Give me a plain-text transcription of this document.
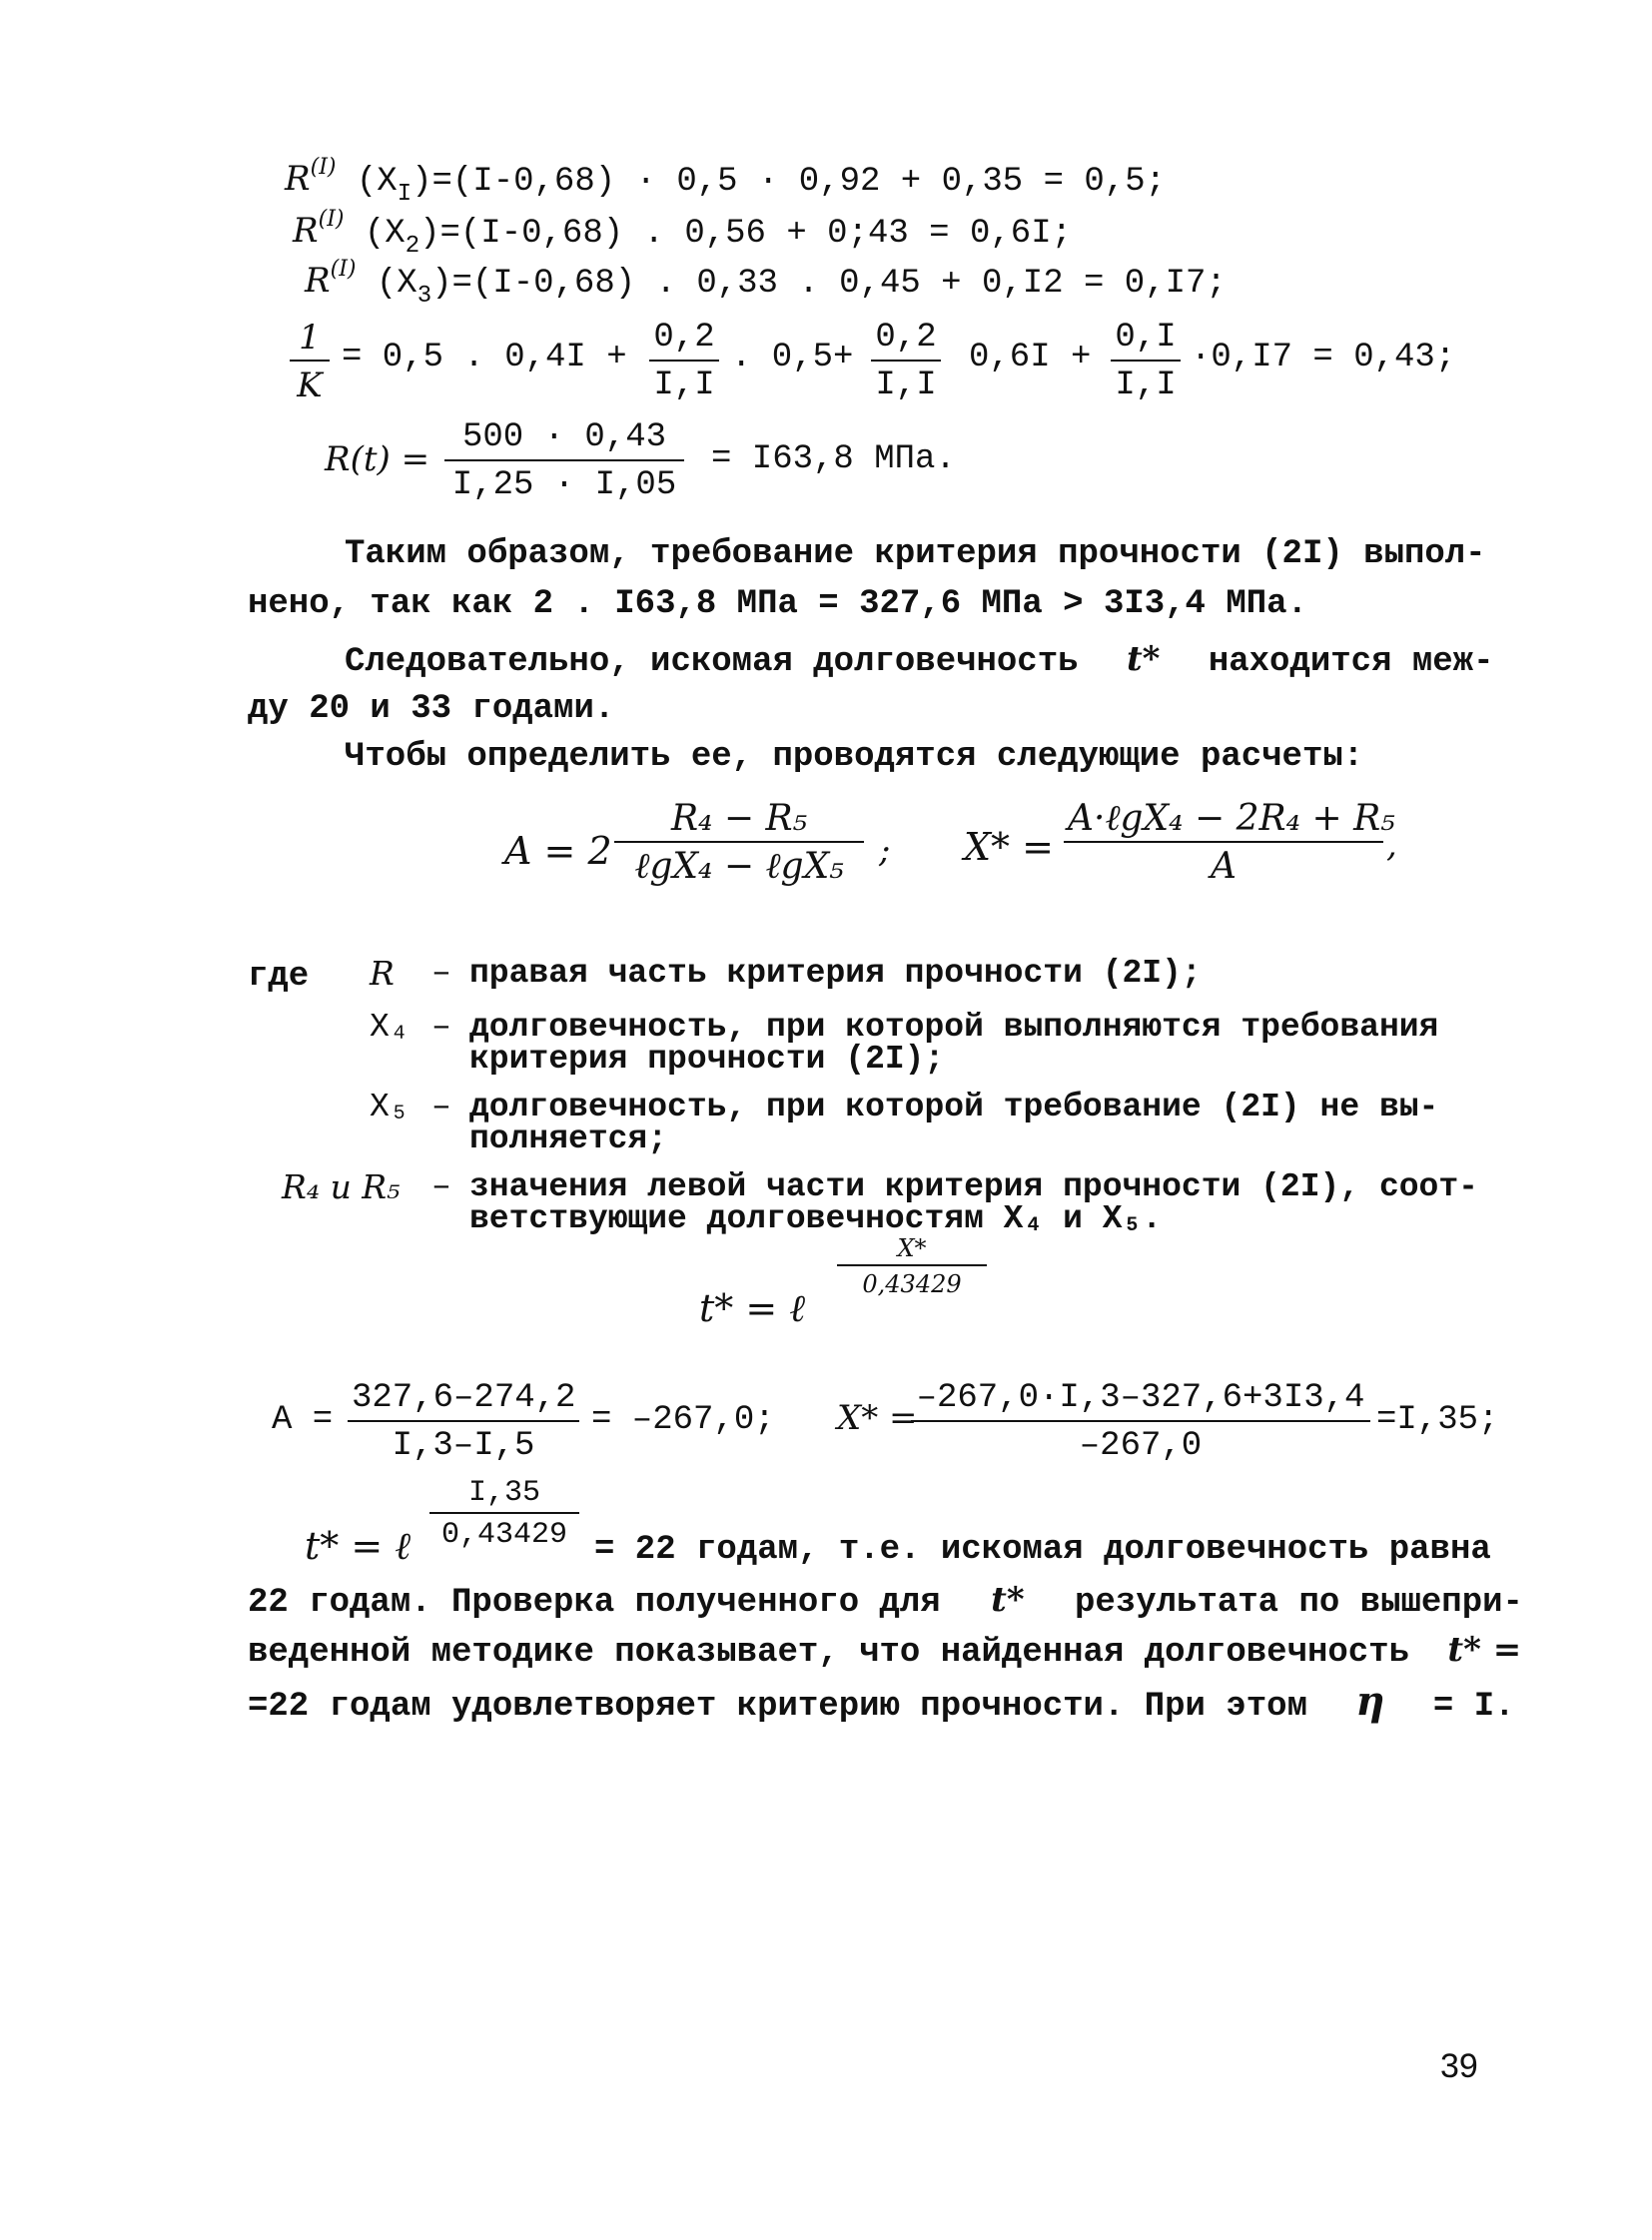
$R^{(I)}$ $(X_I)=(I-0,68) \cdot 0,5 \cdot 0,92 + 0,35 = 0,5$;
$R^{(I)}$ $(X_2)=(I-0,68)$ . 0,56 + 0;43 = 0,6I;
$R^{(I)}$ $(X_3)=(I-0,68)$ . 0,33 . 0,45 + 0,I2 = 0,I7;
$\frac{1}{K} = 0,5$ . $0,4I + \frac{0,2}{I,I}$ . $0,5+ \frac{0,2}{I,I} 0,6I + \frac{0,I}{I,I} \cdot 0,I7 = 0,43$;
$R(t) = \frac{500 \cdot 0,43}{I,25 \cdot I,05} = I63,8$ МПа.
Таким образом, требование критерия прочности (2I) выпол-
нено, так как 2 . I63,8 МПа = 327,6 МПа > 3I3,4 МПа.
Следовательно, искомая долговечность t* находится меж-
ду 20 и 33 годами.
Чтобы определить ее, проводятся следующие расчеты:
A = 2
R₄ − R₅
ℓgX₄ − ℓgX₅	; X* =
A·ℓgX₄ − 2R₄ + R₅
A
,
где R – правая часть критерия прочности (2I);
X₄ – долговечность, при которой выполняются требования
критерия прочности (2I);
X₅ – долговечность, при которой требование (2I) не вы-
полняется;
R₄ и R₅ – значения левой части критерия прочности (2I), соот-
ветствующие долговечностям X₄ и X₅.
t* = ℓ
$\frac{X*}{0,43429}$
$A = \frac{327,6-274,2}{I,3-I,5} = -267,0$; X* =
$\frac{-267,0\cdot I,3-327,6+3I3,4}{-267,0} =I,35$;
t* = ℓ $\frac{I,35}{0,43429} = 22$ годам, т.е. искомая долговечность равна
22 годам. Проверка полученного для t* результата по вышепри-
веденной методике показывает, что найденная долговечность t* =
=22 годам удовлетворяет критерию прочности. При этом η = I.
39
